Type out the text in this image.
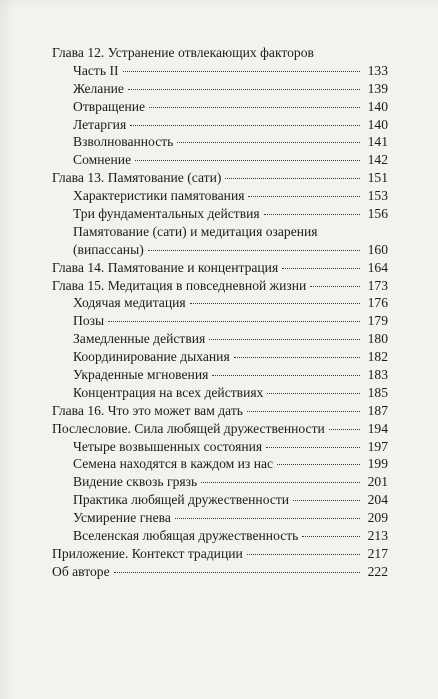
Глава 12. Устранение отвлекающих факторов
Часть II	133
Желание	139
Отвращение	140
Летаргия	140
Взволнованность	141
Сомнение	142
Глава 13. Памятование (сати)	151
Характеристики памятования	153
Три фундаментальных действия	156
Памятование (сати) и медитация озарения
(випассаны)	160
Глава 14. Памятование и концентрация	164
Глава 15. Медитация в повседневной жизни	173
Ходячая медитация	176
Позы	179
Замедленные действия	180
Координирование дыхания	182
Украденные мгновения	183
Концентрация на всех действиях	185
Глава 16. Что это может вам дать	187
Послесловие. Сила любящей дружественности	194
Четыре возвышенных состояния	197
Семена находятся в каждом из нас	199
Видение сквозь грязь	201
Практика любящей дружественности	204
Усмирение гнева	209
Вселенская любящая дружественность	213
Приложение. Контекст традиции	217
Об авторе	222
